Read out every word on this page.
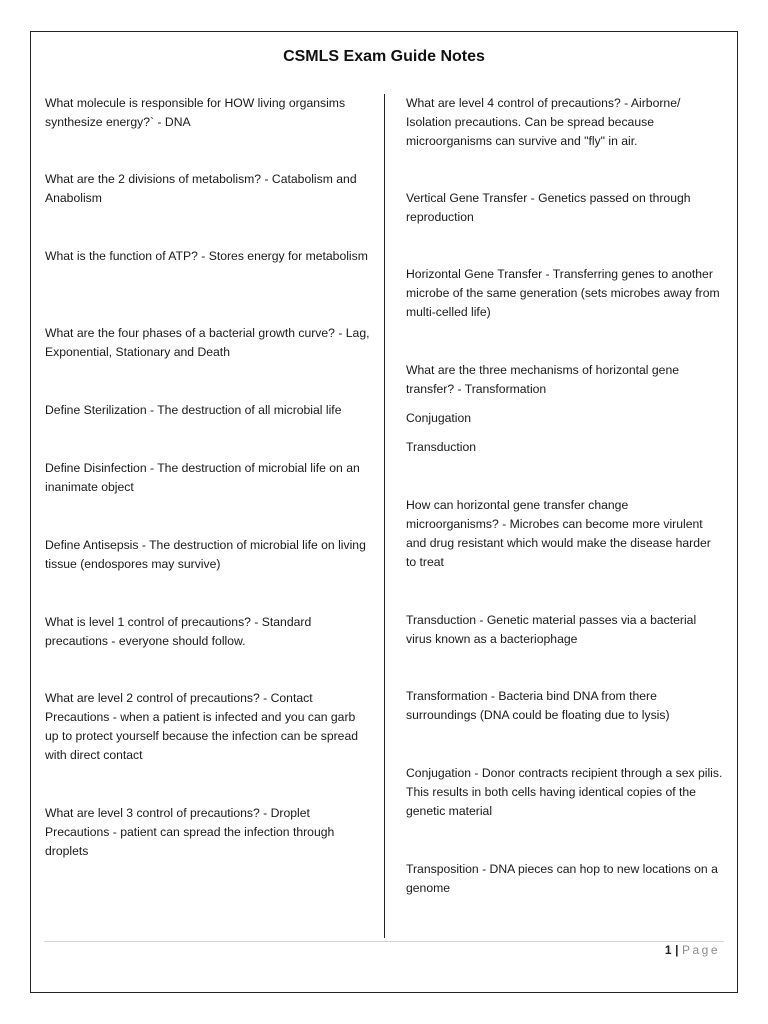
CSMLS Exam Guide Notes
What molecule is responsible for HOW living organsims synthesize energy?` - DNA
What are the 2 divisions of metabolism? - Catabolism and Anabolism
What is the function of ATP? - Stores energy for metabolism
What are the four phases of a bacterial growth curve? - Lag, Exponential, Stationary and Death
Define Sterilization - The destruction of all microbial life
Define Disinfection - The destruction of microbial life on an inanimate object
Define Antisepsis - The destruction of microbial life on living tissue (endospores may survive)
What is level 1 control of precautions? - Standard precautions - everyone should follow.
What are level 2 control of precautions? - Contact Precautions - when a patient is infected and you can garb up to protect yourself because the infection can be spread with direct contact
What are level 3 control of precautions? - Droplet Precautions - patient can spread the infection through droplets
What are level 4 control of precautions? - Airborne/ Isolation precautions. Can be spread because microorganisms can survive and "fly" in air.
Vertical Gene Transfer - Genetics passed on through reproduction
Horizontal Gene Transfer - Transferring genes to another microbe of the same generation (sets microbes away from multi-celled life)
What are the three mechanisms of horizontal gene transfer? - Transformation
Conjugation
Transduction
How can horizontal gene transfer change microorganisms? - Microbes can become more virulent and drug resistant which would make the disease harder to treat
Transduction - Genetic material passes via a bacterial virus known as a bacteriophage
Transformation - Bacteria bind DNA from there surroundings (DNA could be floating due to lysis)
Conjugation - Donor contracts recipient through a sex pilis. This results in both cells having identical copies of the genetic material
Transposition - DNA pieces can hop to new locations on a genome
1 | Page
